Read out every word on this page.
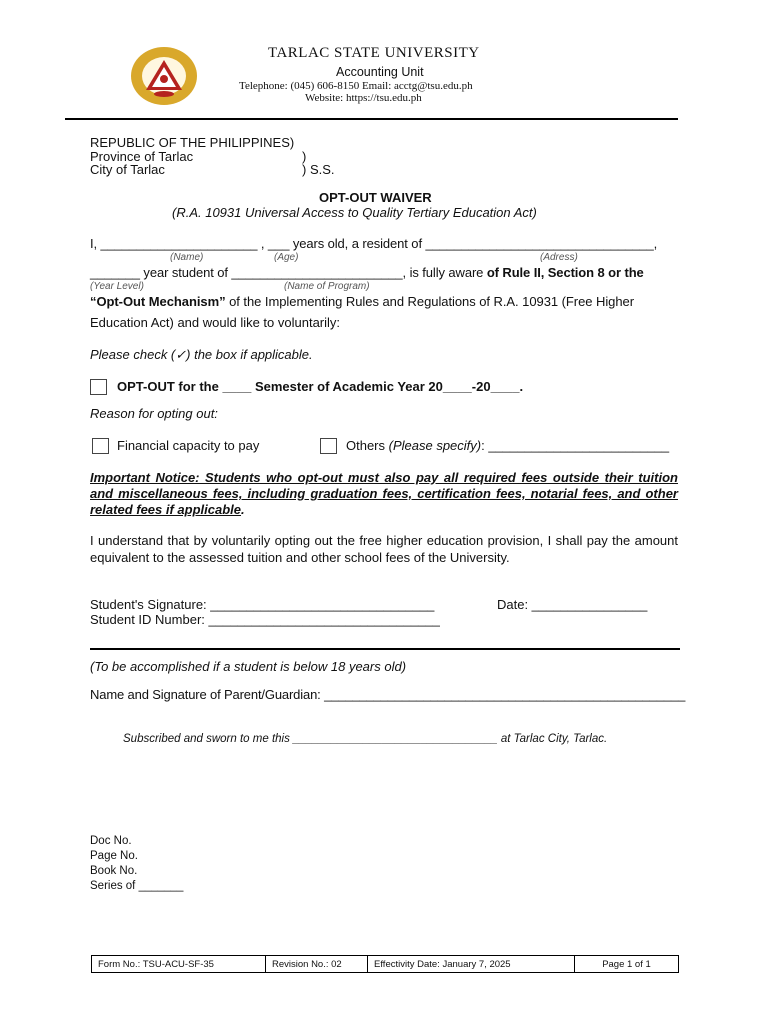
TARLAC STATE UNIVERSITY
Accounting Unit
Telephone: (045) 606-8150 Email: acctg@tsu.edu.ph
Website: https://tsu.edu.ph
REPUBLIC OF THE PHILIPPINES)
Province of Tarlac	)
City of Tarlac	) S.S.
OPT-OUT WAIVER
(R.A. 10931 Universal Access to Quality Tertiary Education Act)
I, ______________________ , ___ years old, a resident of ________________________________,
(Name)	(Age)	(Adress)
_______ year student of ________________________, is fully aware of Rule II, Section 8 or the
(Year Level)	(Name of Program)
“Opt-Out Mechanism” of the Implementing Rules and Regulations of R.A. 10931 (Free Higher
Education Act) and would like to voluntarily:
Please check (✓) the box if applicable.
OPT-OUT for the ____ Semester of Academic Year 20____-20____.
Reason for opting out:
Financial capacity to pay	Others (Please specify): _________________________
Important Notice: Students who opt-out must also pay all required fees outside their tuition and miscellaneous fees, including graduation fees, certification fees, notarial fees, and other related fees if applicable.
I understand that by voluntarily opting out the free higher education provision, I shall pay the amount equivalent to the assessed tuition and other school fees of the University.
Student's Signature: _______________________________	Date: ________________
Student ID Number: ________________________________
(To be accomplished if a student is below 18 years old)
Name and Signature of Parent/Guardian: ___________________________________________________
Subscribed and sworn to me this ________________________________ at Tarlac City, Tarlac.
Doc No.
Page No.
Book No.
Series of _______
Form No.: TSU-ACU-SF-35	Revision No.: 02	Effectivity Date: January 7, 2025	Page 1 of 1
